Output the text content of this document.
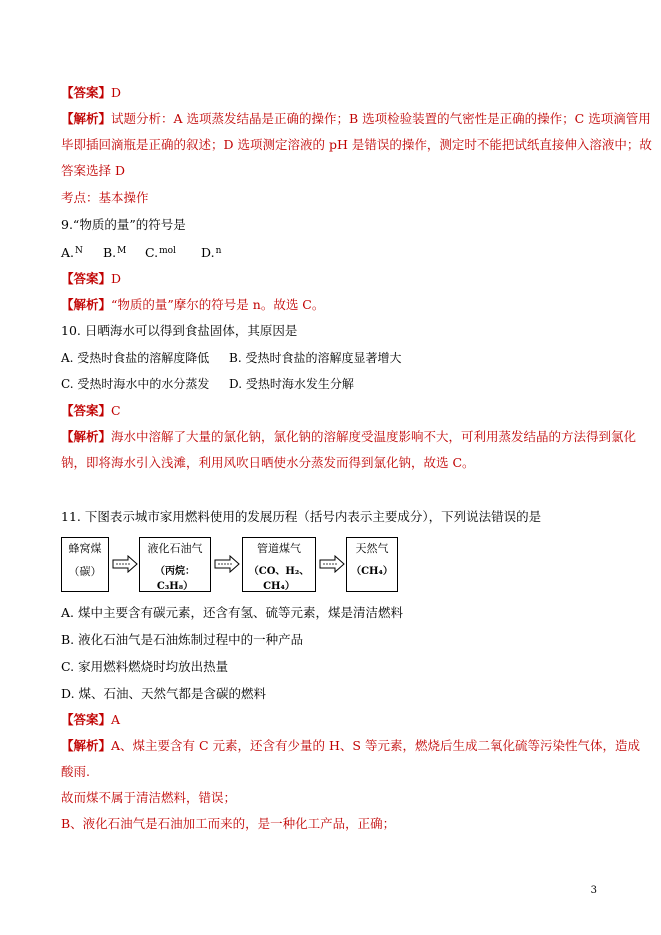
【答案】D
【解析】试题分析：A 选项蒸发结晶是正确的操作；B 选项检验装置的气密性是正确的操作；C 选项滴管用
毕即插回滴瓶是正确的叙述；D 选项测定溶液的 pH 是错误的操作，测定时不能把试纸直接伸入溶液中；故
答案选择 D
考点：基本操作
9.“物质的量”的符号是
A.$^N$ B.$^M$ C.$^{mol}$ D.$^n$
【答案】D
【解析】“物质的量”摩尔的符号是 n。故选 C。
10. 日晒海水可以得到食盐固体，其原因是
A. 受热时食盐的溶解度降低 B. 受热时食盐的溶解度显著增大
C. 受热时海水中的水分蒸发 D. 受热时海水发生分解
【答案】C
【解析】海水中溶解了大量的氯化钠，氯化钠的溶解度受温度影响不大，可利用蒸发结晶的方法得到氯化
钠，即将海水引入浅滩，利用风吹日晒使水分蒸发而得到氯化钠，故选 C。
11. 下图表示城市家用燃料使用的发展历程（括号内表示主要成分），下列说法错误的是
蜂窝煤
（碳）
液化石油气
（丙烷：C₃H₈）
管道煤气
（CO、H₂、CH₄）
天然气
（CH₄）
A. 煤中主要含有碳元素，还含有氢、硫等元素，煤是清洁燃料
B. 液化石油气是石油炼制过程中的一种产品
C. 家用燃料燃烧时均放出热量
D. 煤、石油、天然气都是含碳的燃料
【答案】A
【解析】A、煤主要含有 C 元素，还含有少量的 H、S 等元素，燃烧后生成二氧化硫等污染性气体，造成
酸雨.
故而煤不属于清洁燃料，错误；
B、液化石油气是石油加工而来的，是一种化工产品，正确；
3
